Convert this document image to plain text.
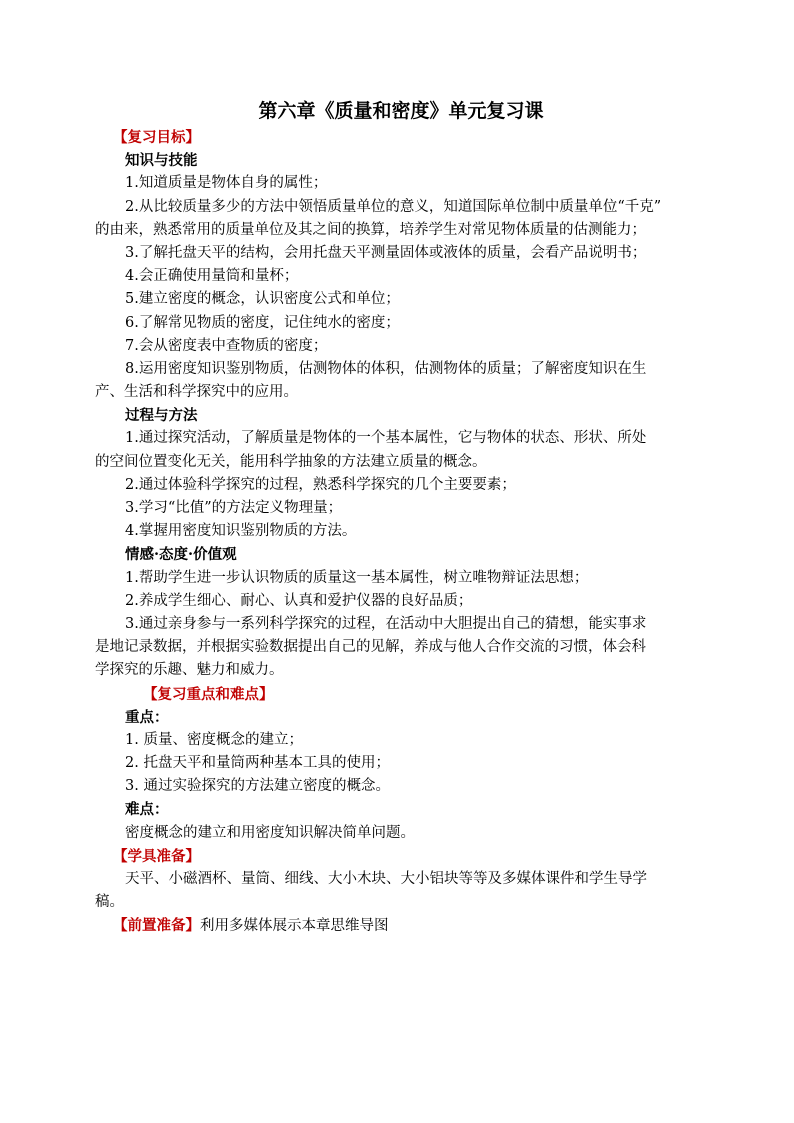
第六章《质量和密度》单元复习课
【复习目标】
知识与技能
1.知道质量是物体自身的属性；
2.从比较质量多少的方法中领悟质量单位的意义，知道国际单位制中质量单位“千克”
的由来，熟悉常用的质量单位及其之间的换算，培养学生对常见物体质量的估测能力；
3.了解托盘天平的结构，会用托盘天平测量固体或液体的质量，会看产品说明书；
4.会正确使用量筒和量杯；
5.建立密度的概念，认识密度公式和单位；
6.了解常见物质的密度，记住纯水的密度；
7.会从密度表中查物质的密度；
8.运用密度知识鉴别物质，估测物体的体积，估测物体的质量；了解密度知识在生
产、生活和科学探究中的应用。
过程与方法
1.通过探究活动，了解质量是物体的一个基本属性，它与物体的状态、形状、所处
的空间位置变化无关，能用科学抽象的方法建立质量的概念。
2.通过体验科学探究的过程，熟悉科学探究的几个主要要素；
3.学习“比值”的方法定义物理量；
4.掌握用密度知识鉴别物质的方法。
情感·态度·价值观
1.帮助学生进一步认识物质的质量这一基本属性，树立唯物辩证法思想；
2.养成学生细心、耐心、认真和爱护仪器的良好品质；
3.通过亲身参与一系列科学探究的过程，在活动中大胆提出自己的猜想，能实事求
是地记录数据，并根据实验数据提出自己的见解，养成与他人合作交流的习惯，体会科
学探究的乐趣、魅力和威力。
【复习重点和难点】
重点：
1. 质量、密度概念的建立；
2. 托盘天平和量筒两种基本工具的使用；
3. 通过实验探究的方法建立密度的概念。
难点：
密度概念的建立和用密度知识解决简单问题。
【学具准备】
天平、小磁酒杯、量筒、细线、大小木块、大小铝块等等及多媒体课件和学生导学
稿。
【前置准备】利用多媒体展示本章思维导图
